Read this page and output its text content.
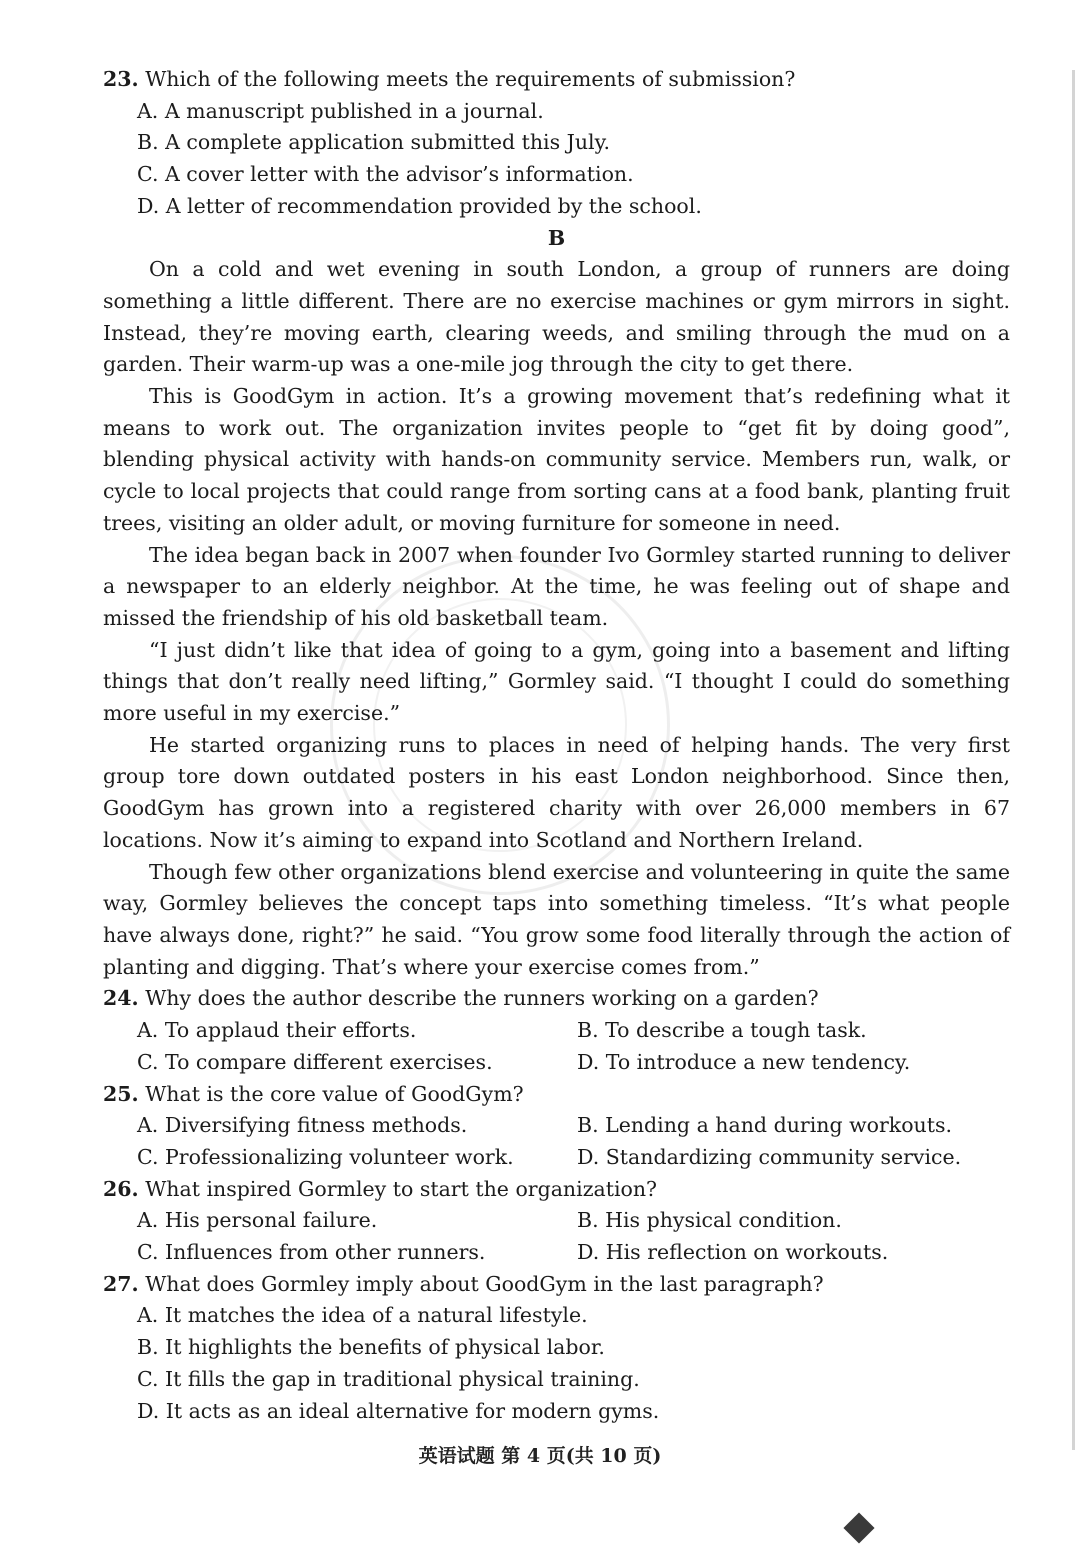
23. Which of the following meets the requirements of submission?
A. A manuscript published in a journal.
B. A complete application submitted this July.
C. A cover letter with the advisor’s information.
D. A letter of recommendation provided by the school.
B

On a cold and wet evening in south London, a group of runners are doing something a little different. There are no exercise machines or gym mirrors in sight. Instead, they’re moving earth, clearing weeds, and smiling through the mud on a garden. Their warm-up was a one-mile jog through the city to get there.

This is GoodGym in action. It’s a growing movement that’s redefining what it means to work out. The organization invites people to “get fit by doing good”, blending physical activity with hands-on community service. Members run, walk, or cycle to local projects that could range from sorting cans at a food bank, planting fruit trees, visiting an older adult, or moving furniture for someone in need.

The idea began back in 2007 when founder Ivo Gormley started running to deliver a newspaper to an elderly neighbor. At the time, he was feeling out of shape and missed the friendship of his old basketball team.

“I just didn’t like that idea of going to a gym, going into a basement and lifting things that don’t really need lifting,” Gormley said. “I thought I could do something more useful in my exercise.”

He started organizing runs to places in need of helping hands. The very first group tore down outdated posters in his east London neighborhood. Since then, GoodGym has grown into a registered charity with over 26,000 members in 67 locations. Now it’s aiming to expand into Scotland and Northern Ireland.

Though few other organizations blend exercise and volunteering in quite the same way, Gormley believes the concept taps into something timeless. “It’s what people have always done, right?” he said. “You grow some food literally through the action of planting and digging. That’s where your exercise comes from.”

24. Why does the author describe the runners working on a garden?
A. To applaud their efforts.	B. To describe a tough task.
C. To compare different exercises.	D. To introduce a new tendency.
25. What is the core value of GoodGym?
A. Diversifying fitness methods.	B. Lending a hand during workouts.
C. Professionalizing volunteer work.	D. Standardizing community service.
26. What inspired Gormley to start the organization?
A. His personal failure.	B. His physical condition.
C. Influences from other runners.	D. His reflection on workouts.
27. What does Gormley imply about GoodGym in the last paragraph?
A. It matches the idea of a natural lifestyle.
B. It highlights the benefits of physical labor.
C. It fills the gap in traditional physical training.
D. It acts as an ideal alternative for modern gyms.
英语试题 第 4 页(共 10 页)
